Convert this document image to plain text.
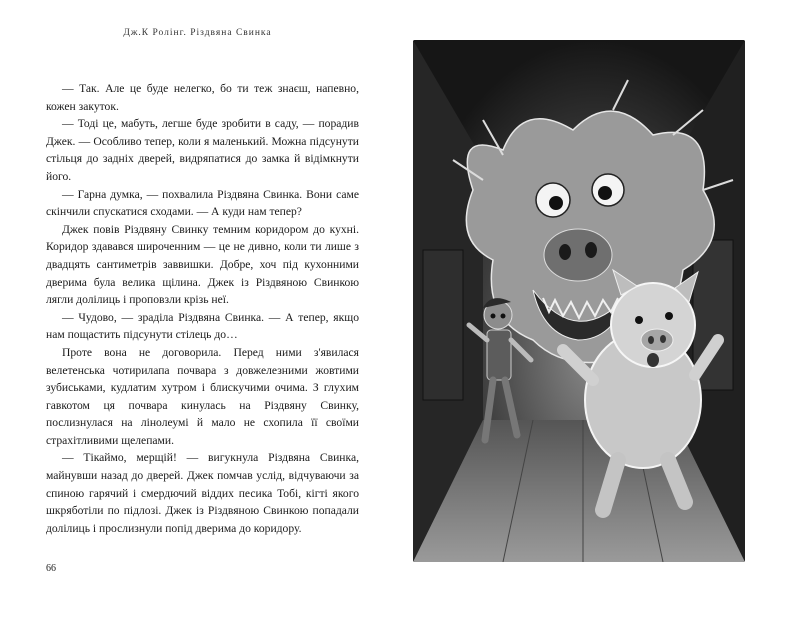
Дж.К Ролінг. Різдвяна Свинка

— Так. Але це буде нелегко, бо ти теж знаєш, напевно, кожен закуток.

— Тоді це, мабуть, легше буде зробити в саду, — порадив Джек. — Особливо тепер, коли я маленький. Можна підсунути стільця до задніх дверей, видряпатися до замка й відімкнути його.

— Гарна думка, — похвалила Різдвяна Свинка. Вони саме скінчили спускатися сходами. — А куди нам тепер?

Джек повів Різдвяну Свинку темним коридором до кухні. Коридор здавався широченним — це не дивно, коли ти лише з двадцять сантиметрів заввишки. Добре, хоч під кухонними дверима була велика щілина. Джек із Різдвяною Свинкою лягли долілиць і проповзли крізь неї.

— Чудово, — зраділа Різдвяна Свинка. — А тепер, якщо нам пощастить підсунути стілець до…

Проте вона не договорила. Перед ними з'явилася велетенська чотирилапа почвара з довжелезними жовтими зубиськами, кудлатим хутром і блискучими очима. З глухим гавкотом ця почвара кинулась на Різдвяну Свинку, послизнулася на лінолеумі й мало не схопила її своїми страхітливими щелепами.

— Тікаймо, мерщій! — вигукнула Різдвяна Свинка, майнувши назад до дверей. Джек помчав услід, відчуваючи за спиною гарячий і смердючий віддих песика Тобі, кігті якого шкряботіли по підлозі. Джек із Різдвяною Свинкою попадали долілиць і прослизнули попід дверима до коридору.

66
